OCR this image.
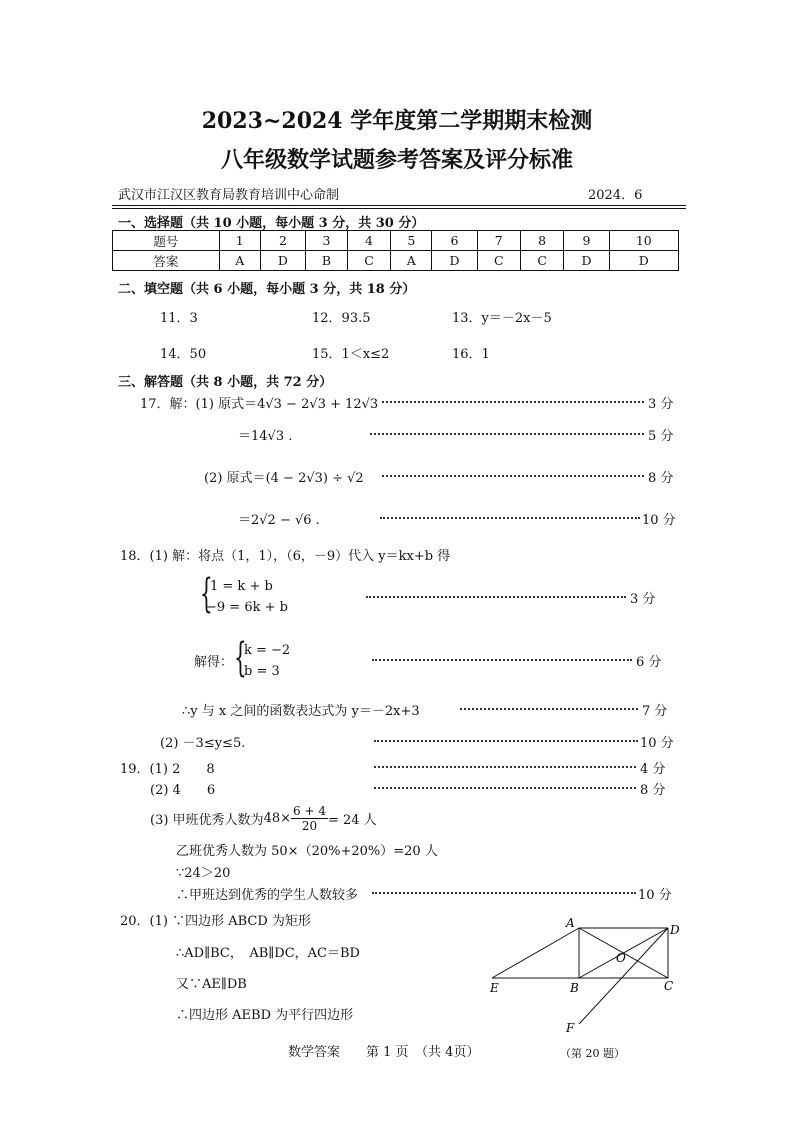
2023~2024 学年度第二学期期末检测
八年级数学试题参考答案及评分标准
武汉市江汉区教育局教育培训中心命制	2024．6
一、选择题（共 10 小题，每小题 3 分，共 30 分）
题号	1	2	3	4	5	6	7	8	9	10
答案	A	D	B	C	A	D	C	C	D	D
二、填空题（共 6 小题，每小题 3 分，共 18 分）
11．3	12．93.5	13．y＝－2x－5
14．50	15．1＜x≤2	16．1
三、解答题（共 8 小题，共 72 分）
17．解：(1) 原式＝4√3 − 2√3 + 12√3	3 分
＝14√3 .	5 分
(2) 原式＝(4 − 2√3) ÷ √2	8 分
＝2√2 − √6 .	10 分
18．(1) 解：将点（1，1），（6，－9）代入 y＝kx+b 得
{
1 = k + b
−9 = 6k + b
3 分
解得： {
k = −2
b = 3
6 分
∴y 与 x 之间的函数表达式为 y＝－2x+3	7 分
(2) －3≤y≤5.	10 分
19．(1) 2　　8	4 分
(2) 4　　6	8 分
(3) 甲班优秀人数为$48\times \frac{6 + 4}{20} = 24$ 人
乙班优秀人数为 50×（20%+20%）=20 人
∵24＞20
∴甲班达到优秀的学生人数较多	10 分
20．(1) ∵四边形 ABCD 为矩形
∴AD∥BC，　AB∥DC，AC＝BD
又∵AE∥DB
∴四边形 AEBD 为平行四边形
A	D
O
E	B	C
F
（第 20 题）
数学答案　　第 1 页　（共 4页）
